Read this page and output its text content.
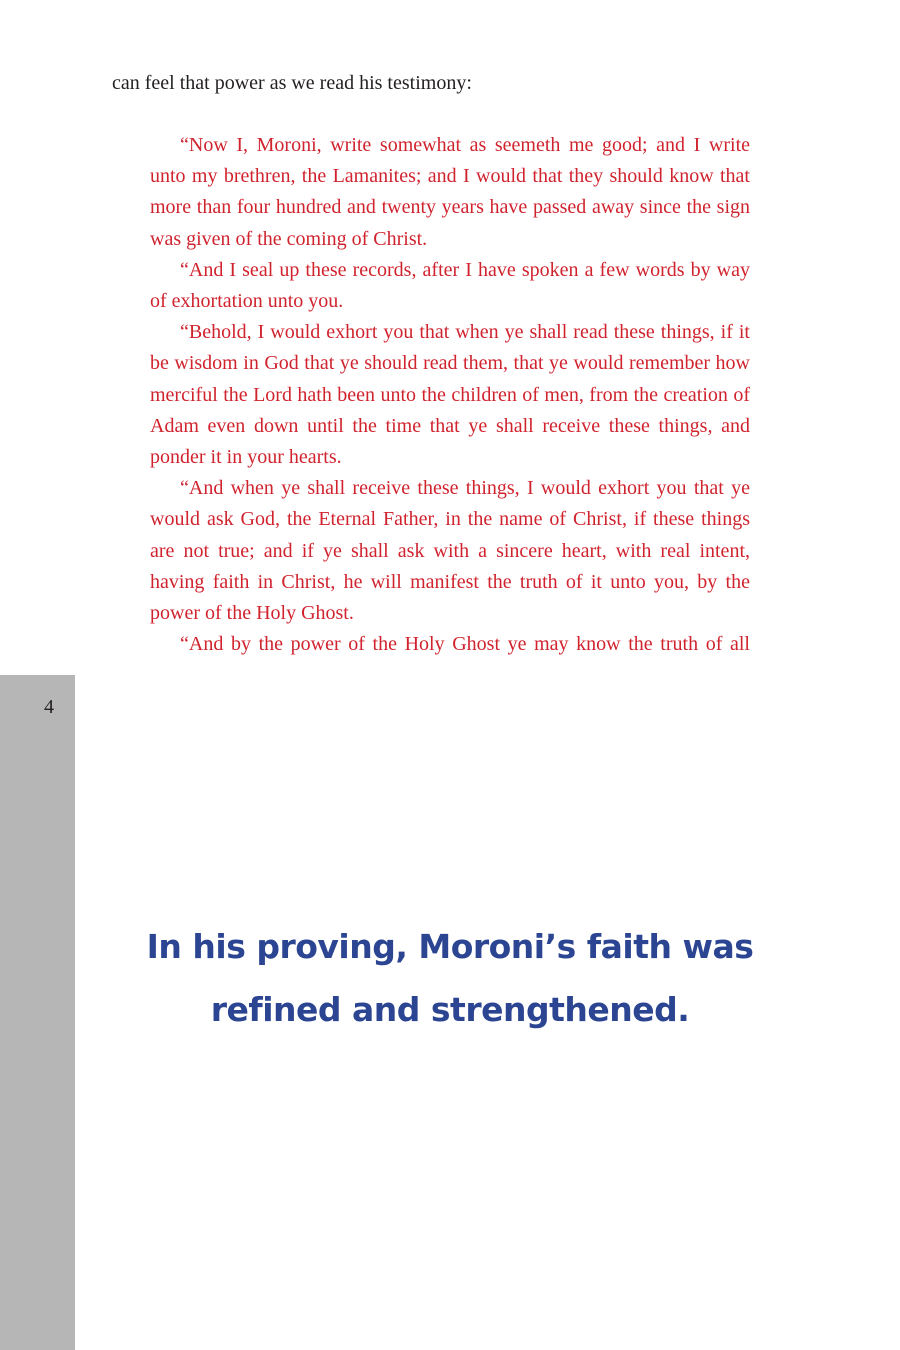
can feel that power as we read his testimony:

“Now I, Moroni, write somewhat as seemeth me good; and I write unto my brethren, the Lamanites; and I would that they should know that more than four hundred and twenty years have passed away since the sign was given of the coming of Christ.

“And I seal up these records, after I have spoken a few words by way of exhortation unto you.

“Behold, I would exhort you that when ye shall read these things, if it be wisdom in God that ye should read them, that ye would remember how merciful the Lord hath been unto the children of men, from the creation of Adam even down until the time that ye shall receive these things, and ponder it in your hearts.

“And when ye shall receive these things, I would exhort you that ye would ask God, the Eternal Father, in the name of Christ, if these things are not true; and if ye shall ask with a sincere heart, with real intent, having faith in Christ, he will manifest the truth of it unto you, by the power of the Holy Ghost.

“And by the power of the Holy Ghost ye may know the truth of all

4
In his proving, Moroni’s faith was
refined and strengthened.
